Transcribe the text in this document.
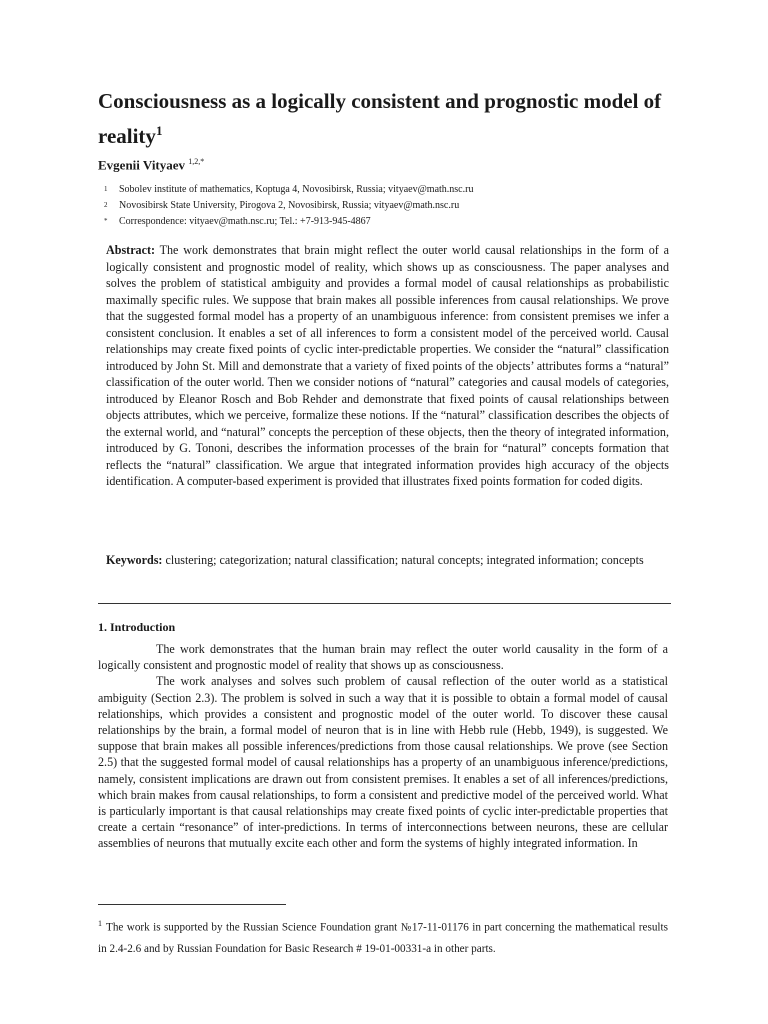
Consciousness as a logically consistent and prognostic model of reality$^1$
Evgenii Vityaev $^{1,2,*}$
1 Sobolev institute of mathematics, Koptuga 4, Novosibirsk, Russia; vityaev@math.nsc.ru
2 Novosibirsk State University, Pirogova 2, Novosibirsk, Russia; vityaev@math.nsc.ru
* Correspondence: vityaev@math.nsc.ru; Tel.: +7-913-945-4867

Abstract: The work demonstrates that brain might reflect the outer world causal relationships in the form of a logically consistent and prognostic model of reality, which shows up as consciousness. The paper analyses and solves the problem of statistical ambiguity and provides a formal model of causal relationships as probabilistic maximally specific rules. We suppose that brain makes all possible inferences from causal relationships. We prove that the suggested formal model has a property of an unambiguous inference: from consistent premises we infer a consistent conclusion. It enables a set of all inferences to form a consistent model of the perceived world. Causal relationships may create fixed points of cyclic inter-predictable properties. We consider the “natural” classification introduced by John St. Mill and demonstrate that a variety of fixed points of the objects’ attributes forms a “natural” classification of the outer world. Then we consider notions of “natural” categories and causal models of categories, introduced by Eleanor Rosch and Bob Rehder and demonstrate that fixed points of causal relationships between objects attributes, which we perceive, formalize these notions. If the “natural” classification describes the objects of the external world, and “natural” concepts the perception of these objects, then the theory of integrated information, introduced by G. Tononi, describes the information processes of the brain for “natural” concepts formation that reflects the “natural” classification. We argue that integrated information provides high accuracy of the objects identification. A computer-based experiment is provided that illustrates fixed points formation for coded digits.

Keywords: clustering; categorization; natural classification; natural concepts; integrated information; concepts

1. Introduction

The work demonstrates that the human brain may reflect the outer world causality in the form of a logically consistent and prognostic model of reality that shows up as consciousness.

The work analyses and solves such problem of causal reflection of the outer world as a statistical ambiguity (Section 2.3). The problem is solved in such a way that it is possible to obtain a formal model of causal relationships, which provides a consistent and prognostic model of the outer world. To discover these causal relationships by the brain, a formal model of neuron that is in line with Hebb rule (Hebb, 1949), is suggested. We suppose that brain makes all possible inferences/predictions from those causal relationships. We prove (see Section 2.5) that the suggested formal model of causal relationships has a property of an unambiguous inference/predictions, namely, consistent implications are drawn out from consistent premises. It enables a set of all inferences/predictions, which brain makes from causal relationships, to form a consistent and predictive model of the perceived world. What is particularly important is that causal relationships may create fixed points of cyclic inter-predictable properties that create a certain “resonance” of inter-predictions. In terms of interconnections between neurons, these are cellular assemblies of neurons that mutually excite each other and form the systems of highly integrated information. In

$^1$ The work is supported by the Russian Science Foundation grant №17-11-01176 in part concerning the mathematical results in 2.4-2.6 and by Russian Foundation for Basic Research # 19-01-00331-a in other parts.
